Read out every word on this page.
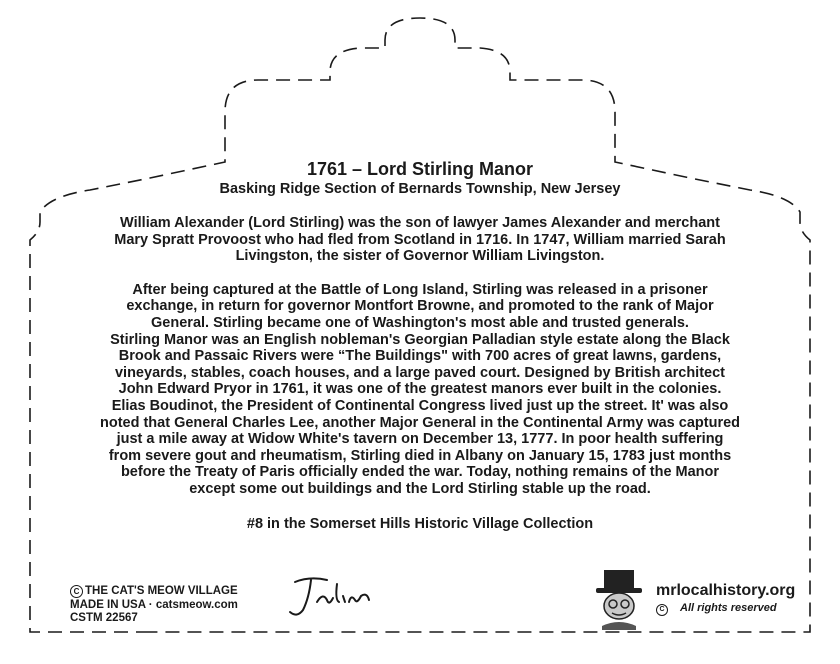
1761 – Lord Stirling Manor

Basking Ridge Section of Bernards Township, New Jersey

William Alexander (Lord Stirling) was the son of lawyer James Alexander and merchant

Mary Spratt Provoost who had fled from Scotland in 1716. In 1747, William married Sarah

Livingston, the sister of Governor William Livingston.

After being captured at the Battle of Long Island, Stirling was released in a prisoner

exchange, in return for governor Montfort Browne, and promoted to the rank of Major

General. Stirling became one of Washington's most able and trusted generals.

Stirling Manor was an English nobleman's Georgian Palladian style estate along the Black

Brook and Passaic Rivers were “The Buildings" with 700 acres of great lawns, gardens,

vineyards, stables, coach houses, and a large paved court. Designed by British architect

John Edward Pryor in 1761, it was one of the greatest manors ever built in the colonies.

Elias Boudinot, the President of Continental Congress lived just up the street. It' was also

noted that General Charles Lee, another Major General in the Continental Army was captured

just a mile away at Widow White's tavern on December 13, 1777. In poor health suffering

from severe gout and rheumatism, Stirling died in Albany on January 15, 1783 just months

before the Treaty of Paris officially ended the war. Today, nothing remains of the Manor

except some out buildings and the Lord Stirling stable up the road.

#8 in the Somerset Hills Historic Village Collection

C THE CAT'S MEOW VILLAGE
MADE IN USA · catsmeow.com
CSTM 22567
mrlocalhistory.org
C All rights reserved
